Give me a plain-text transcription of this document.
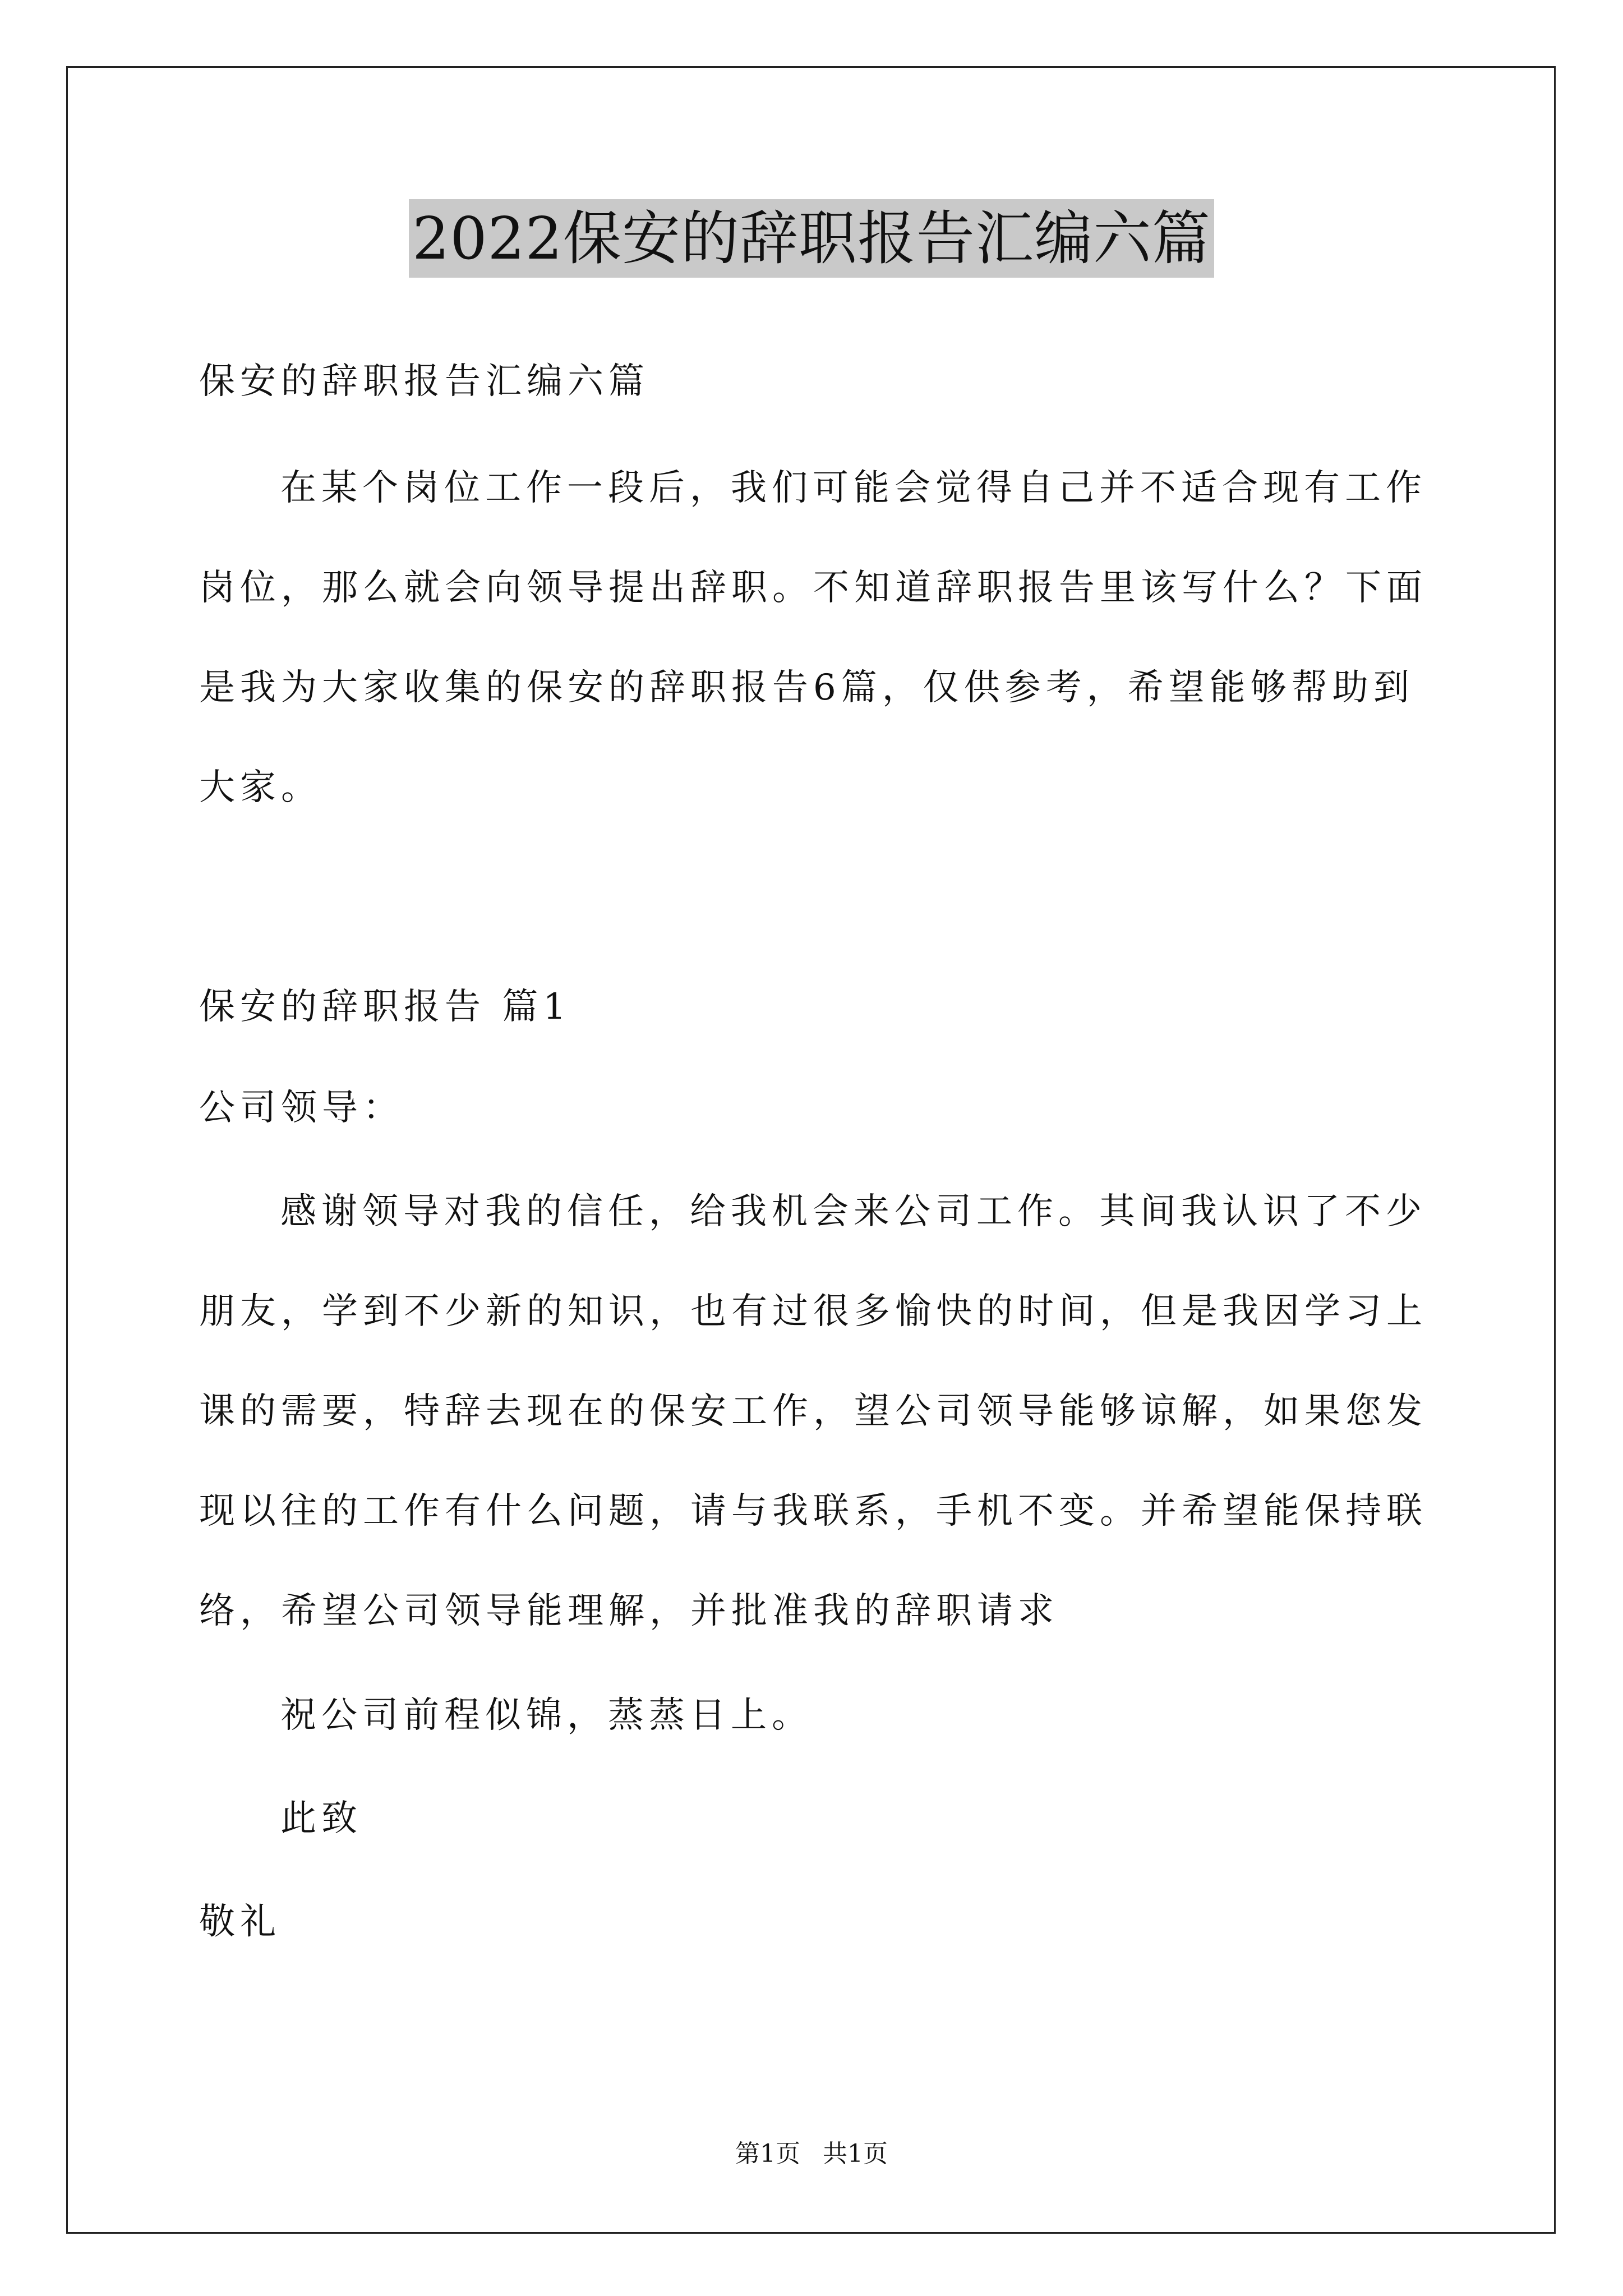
2022保安的辞职报告汇编六篇
保安的辞职报告汇编六篇
在某个岗位工作一段后，我们可能会觉得自己并不适合现有工作
岗位，那么就会向领导提出辞职。不知道辞职报告里该写什么？下面
是我为大家收集的保安的辞职报告6篇，仅供参考，希望能够帮助到
大家。
保安的辞职报告 篇1
公司领导：
感谢领导对我的信任，给我机会来公司工作。其间我认识了不少
朋友，学到不少新的知识，也有过很多愉快的时间，但是我因学习上
课的需要，特辞去现在的保安工作，望公司领导能够谅解，如果您发
现以往的工作有什么问题，请与我联系，手机不变。并希望能保持联
络，希望公司领导能理解，并批准我的辞职请求
祝公司前程似锦，蒸蒸日上。
此致
敬礼
第1页 共1页
